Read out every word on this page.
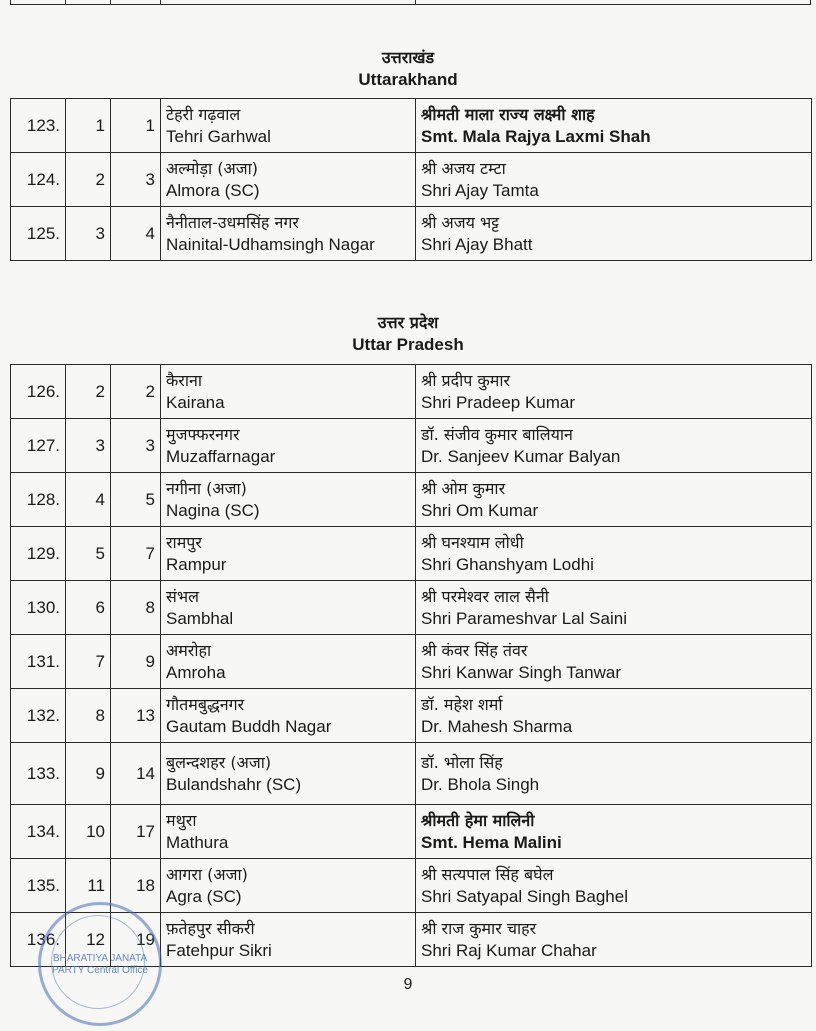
उत्तराखंड
Uttarakhand
123.	1	1	टेहरी गढ़वाल
Tehri Garhwal	श्रीमती माला राज्य लक्ष्मी शाह
Smt. Mala Rajya Laxmi Shah

124.	2	3	अल्मोड़ा (अजा)
Almora (SC)	श्री अजय टम्टा
Shri Ajay Tamta

125.	3	4	नैनीताल-उधमसिंह नगर
Nainital-Udhamsingh Nagar	श्री अजय भट्ट
Shri Ajay Bhatt
उत्तर प्रदेश
Uttar Pradesh
126.	2	2	कैराना
Kairana	श्री प्रदीप कुमार
Shri Pradeep Kumar

127.	3	3	मुजफ्फरनगर
Muzaffarnagar	डॉ. संजीव कुमार बालियान
Dr. Sanjeev Kumar Balyan

128.	4	5	नगीना (अजा)
Nagina (SC)	श्री ओम कुमार
Shri Om Kumar

129.	5	7	रामपुर
Rampur	श्री घनश्याम लोधी
Shri Ghanshyam Lodhi

130.	6	8	संभल
Sambhal	श्री परमेश्वर लाल सैनी
Shri Parameshvar Lal Saini

131.	7	9	अमरोहा
Amroha	श्री कंवर सिंह तंवर
Shri Kanwar Singh Tanwar

132.	8	13	गौतमबुद्धनगर
Gautam Buddh Nagar	डॉ. महेश शर्मा
Dr. Mahesh Sharma

133.	9	14	बुलन्दशहर (अजा)
Bulandshahr (SC)	डॉ. भोला सिंह
Dr. Bhola Singh

134.	10	17	मथुरा
Mathura	श्रीमती हेमा मालिनी
Smt. Hema Malini

135.	11	18	आगरा (अजा)
Agra (SC)	श्री सत्यपाल सिंह बघेल
Shri Satyapal Singh Baghel

136.	12	19	फ़तेहपुर सीकरी
Fatehpur Sikri	श्री राज कुमार चाहर
Shri Raj Kumar Chahar
BHARATIYA JANATA PARTY Central Office
9
